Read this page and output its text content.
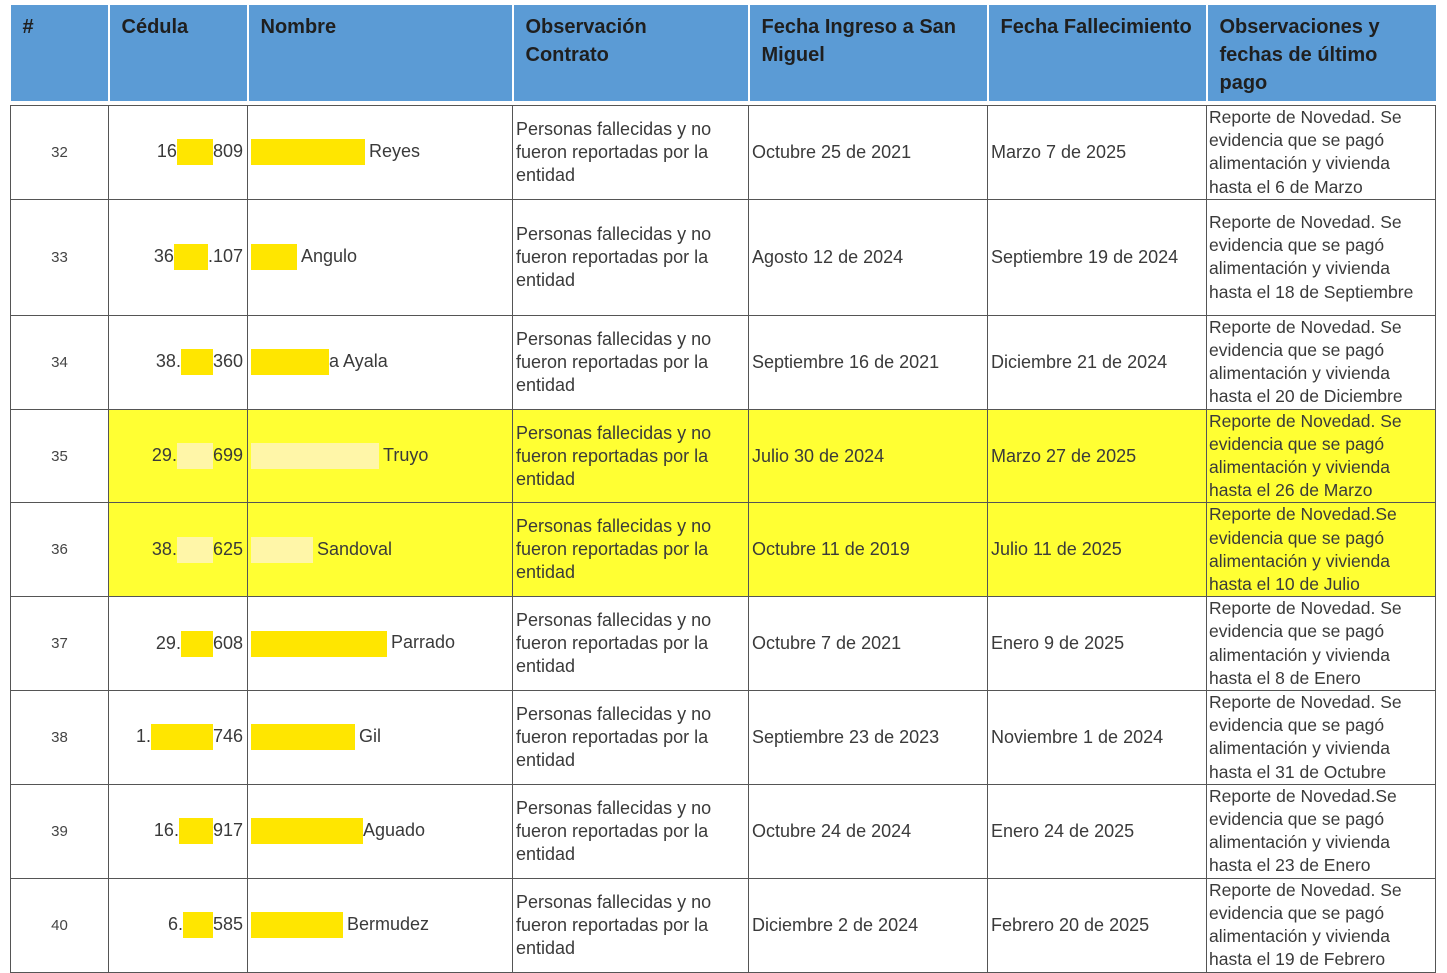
#	Cédula	Nombre	Observación Contrato	Fecha Ingreso a San Miguel	Fecha Fallecimiento	Observaciones y fechas de último pago

32	16 809	Reyes	Personas fallecidas y no fueron reportadas por la entidad	Octubre 25 de 2021	Marzo 7 de 2025	Reporte de Novedad. Se evidencia que se pagó alimentación y vivienda hasta el 6 de Marzo
33	36 .107	Angulo	Personas fallecidas y no fueron reportadas por la entidad	Agosto 12 de 2024	Septiembre 19 de 2024	Reporte de Novedad. Se evidencia que se pagó alimentación y vivienda hasta el 18 de Septiembre
34	38. 360	a Ayala	Personas fallecidas y no fueron reportadas por la entidad	Septiembre 16 de 2021	Diciembre 21 de 2024	Reporte de Novedad. Se evidencia que se pagó alimentación y vivienda hasta el 20 de Diciembre
35	29. 699	Truyo	Personas fallecidas y no fueron reportadas por la entidad	Julio 30 de 2024	Marzo 27 de 2025	Reporte de Novedad. Se evidencia que se pagó alimentación y vivienda hasta el 26 de Marzo
36	38. 625	Sandoval	Personas fallecidas y no fueron reportadas por la entidad	Octubre 11 de 2019	Julio 11 de 2025	Reporte de Novedad.Se evidencia que se pagó alimentación y vivienda hasta el 10 de Julio
37	29. 608	Parrado	Personas fallecidas y no fueron reportadas por la entidad	Octubre 7 de 2021	Enero 9 de 2025	Reporte de Novedad. Se evidencia que se pagó alimentación y vivienda hasta el 8 de Enero
38	1. 746	Gil	Personas fallecidas y no fueron reportadas por la entidad	Septiembre 23 de 2023	Noviembre 1 de 2024	Reporte de Novedad. Se evidencia que se pagó alimentación y vivienda hasta el 31 de Octubre
39	16. 917	Aguado	Personas fallecidas y no fueron reportadas por la entidad	Octubre 24 de 2024	Enero 24 de 2025	Reporte de Novedad.Se evidencia que se pagó alimentación y vivienda hasta el 23 de Enero
40	6. 585	Bermudez	Personas fallecidas y no fueron reportadas por la entidad	Diciembre 2 de 2024	Febrero 20 de 2025	Reporte de Novedad. Se evidencia que se pagó alimentación y vivienda hasta el 19 de Febrero
